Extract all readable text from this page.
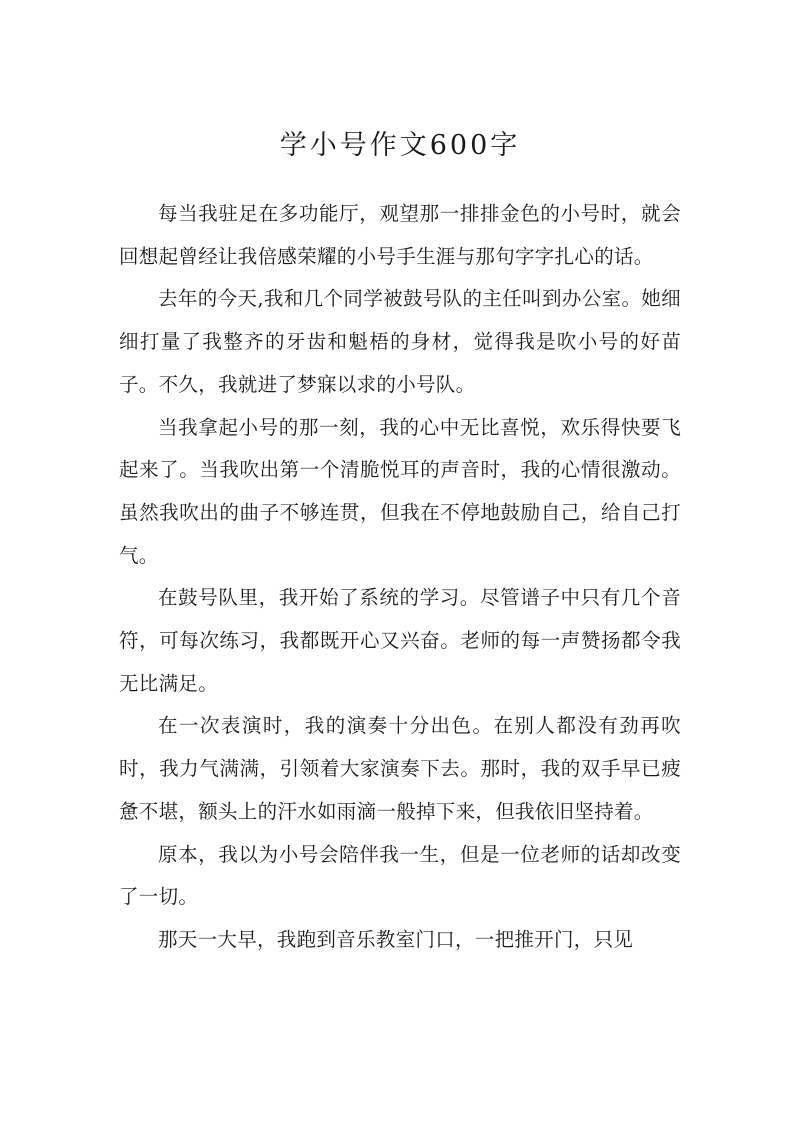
学小号作文600字

每当我驻足在多功能厅，观望那一排排金色的小号时，就会回想起曾经让我倍感荣耀的小号手生涯与那句字字扎心的话。

去年的今天,我和几个同学被鼓号队的主任叫到办公室。她细细打量了我整齐的牙齿和魁梧的身材，觉得我是吹小号的好苗子。不久，我就进了梦寐以求的小号队。

当我拿起小号的那一刻，我的心中无比喜悦，欢乐得快要飞起来了。当我吹出第一个清脆悦耳的声音时，我的心情很激动。虽然我吹出的曲子不够连贯，但我在不停地鼓励自己，给自己打气。

在鼓号队里，我开始了系统的学习。尽管谱子中只有几个音符，可每次练习，我都既开心又兴奋。老师的每一声赞扬都令我无比满足。

在一次表演时，我的演奏十分出色。在别人都没有劲再吹时，我力气满满，引领着大家演奏下去。那时，我的双手早已疲惫不堪，额头上的汗水如雨滴一般掉下来，但我依旧坚持着。

原本，我以为小号会陪伴我一生，但是一位老师的话却改变了一切。

那天一大早，我跑到音乐教室门口，一把推开门，只见
